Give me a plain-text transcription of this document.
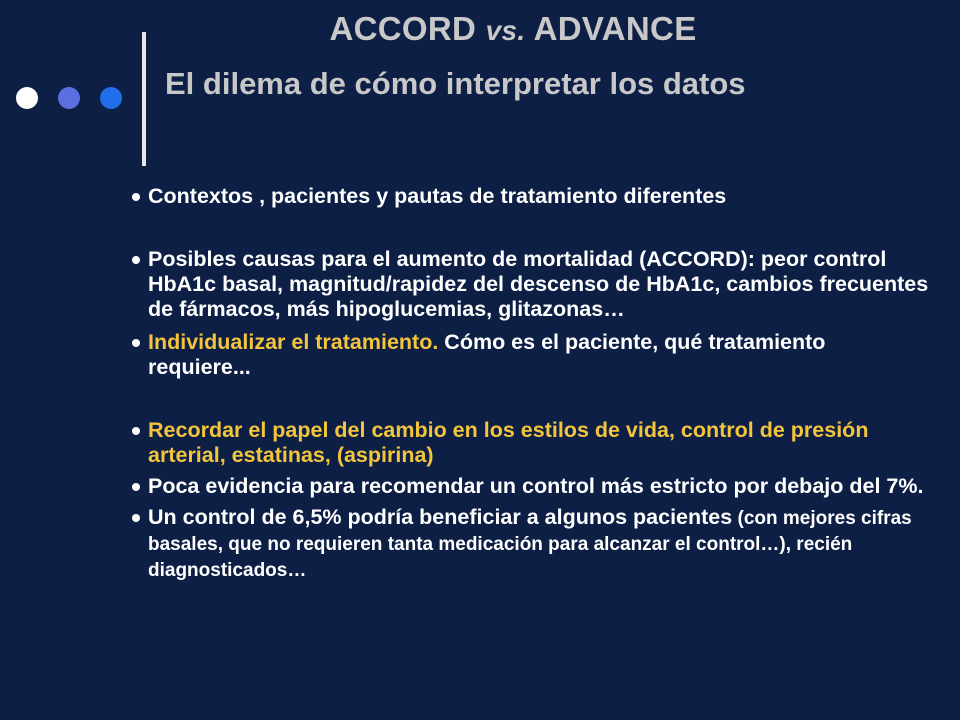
ACCORD vs. ADVANCE
El dilema de cómo interpretar los datos
Contextos , pacientes y pautas de tratamiento diferentes
Posibles causas para el aumento de mortalidad (ACCORD): peor control HbA1c basal, magnitud/rapidez del descenso de HbA1c, cambios frecuentes de fármacos, más hipoglucemias, glitazonas…
Individualizar el tratamiento. Cómo es el paciente, qué tratamiento requiere...
Recordar el papel del cambio en los estilos de vida, control de presión arterial, estatinas, (aspirina)
Poca evidencia para recomendar un control más estricto por debajo del 7%.
Un control de 6,5% podría beneficiar a algunos pacientes (con mejores cifras basales, que no requieren tanta medicación para alcanzar el control…), recién diagnosticados…
